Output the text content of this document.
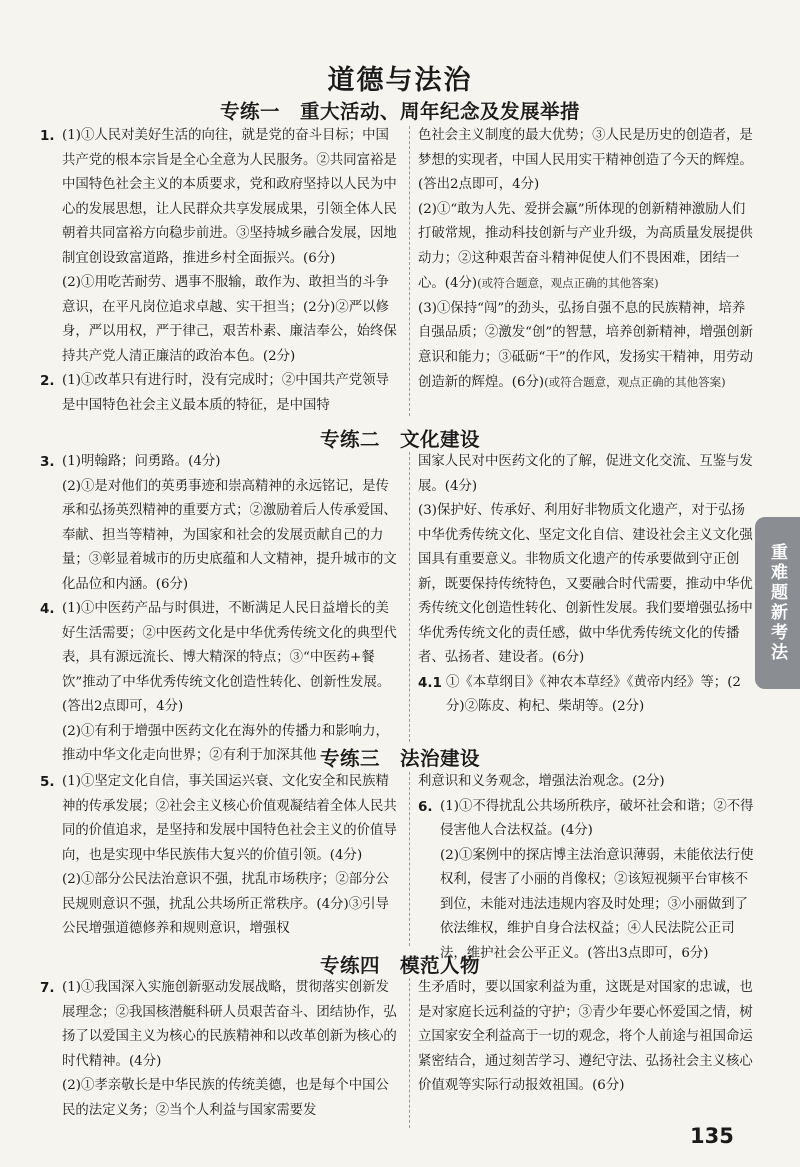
道德与法治
专练一　重大活动、周年纪念及发展举措
1. (1)①人民对美好生活的向往，就是党的奋斗目标；中国共产党的根本宗旨是全心全意为人民服务。②共同富裕是中国特色社会主义的本质要求，党和政府坚持以人民为中心的发展思想，让人民群众共享发展成果，引领全体人民朝着共同富裕方向稳步前进。③坚持城乡融合发展，因地制宜创设致富道路，推进乡村全面振兴。(6分)

(2)①用吃苦耐劳、遇事不服输，敢作为、敢担当的斗争意识，在平凡岗位追求卓越、实干担当；(2分)②严以修身，严以用权，严于律己，艰苦朴素、廉洁奉公，始终保持共产党人清正廉洁的政治本色。(2分)

2. (1)①改革只有进行时，没有完成时；②中国共产党领导是中国特色社会主义最本质的特征，是中国特

色社会主义制度的最大优势；③人民是历史的创造者，是梦想的实现者，中国人民用实干精神创造了今天的辉煌。(答出2点即可，4分)

(2)①“敢为人先、爱拼会赢”所体现的创新精神激励人们打破常规，推动科技创新与产业升级，为高质量发展提供动力；②这种艰苦奋斗精神促使人们不畏困难，团结一心。(4分)(或符合题意，观点正确的其他答案)

(3)①保持“闯”的劲头，弘扬自强不息的民族精神，培养自强品质；②激发“创”的智慧，培养创新精神，增强创新意识和能力；③砥砺“干”的作风，发扬实干精神，用劳动创造新的辉煌。(6分)(或符合题意，观点正确的其他答案)

专练二　文化建设
3. (1)明翰路；问勇路。(4分)

(2)①是对他们的英勇事迹和崇高精神的永远铭记，是传承和弘扬英烈精神的重要方式；②激励着后人传承爱国、奉献、担当等精神，为国家和社会的发展贡献自己的力量；③彰显着城市的历史底蕴和人文精神，提升城市的文化品位和内涵。(6分)

4. (1)①中医药产品与时俱进，不断满足人民日益增长的美好生活需要；②中医药文化是中华优秀传统文化的典型代表，具有源远流长、博大精深的特点；③“中医药+餐饮”推动了中华优秀传统文化创造性转化、创新性发展。(答出2点即可，4分)

(2)①有利于增强中医药文化在海外的传播力和影响力，推动中华文化走向世界；②有利于加深其他

国家人民对中医药文化的了解，促进文化交流、互鉴与发展。(4分)

(3)保护好、传承好、利用好非物质文化遗产，对于弘扬中华优秀传统文化、坚定文化自信、建设社会主义文化强国具有重要意义。非物质文化遗产的传承要做到守正创新，既要保持传统特色，又要融合时代需要，推动中华优秀传统文化创造性转化、创新性发展。我们要增强弘扬中华优秀传统文化的责任感，做中华优秀传统文化的传播者、弘扬者、建设者。(6分)

4.1 ①《本草纲目》《神农本草经》《黄帝内经》等；(2分)②陈皮、枸杞、柴胡等。(2分)

专练三　法治建设
5. (1)①坚定文化自信，事关国运兴衰、文化安全和民族精神的传承发展；②社会主义核心价值观凝结着全体人民共同的价值追求，是坚持和发展中国特色社会主义的价值导向，也是实现中华民族伟大复兴的价值引领。(4分)

(2)①部分公民法治意识不强，扰乱市场秩序；②部分公民规则意识不强，扰乱公共场所正常秩序。(4分)③引导公民增强道德修养和规则意识，增强权

利意识和义务观念，增强法治观念。(2分)

6. (1)①不得扰乱公共场所秩序，破坏社会和谐；②不得侵害他人合法权益。(4分)

(2)①案例中的探店博主法治意识薄弱，未能依法行使权利，侵害了小丽的肖像权；②该短视频平台审核不到位，未能对违法违规内容及时处理；③小丽做到了依法维权，维护自身合法权益；④人民法院公正司法，维护社会公平正义。(答出3点即可，6分)

专练四　模范人物
7. (1)①我国深入实施创新驱动发展战略，贯彻落实创新发展理念；②我国核潜艇科研人员艰苦奋斗、团结协作，弘扬了以爱国主义为核心的民族精神和以改革创新为核心的时代精神。(4分)

(2)①孝亲敬长是中华民族的传统美德，也是每个中国公民的法定义务；②当个人利益与国家需要发

生矛盾时，要以国家利益为重，这既是对国家的忠诚，也是对家庭长远利益的守护；③青少年要心怀爱国之情，树立国家安全利益高于一切的观念，将个人前途与祖国命运紧密结合，通过刻苦学习、遵纪守法、弘扬社会主义核心价值观等实际行动报效祖国。(6分)

重难题新考法
135
